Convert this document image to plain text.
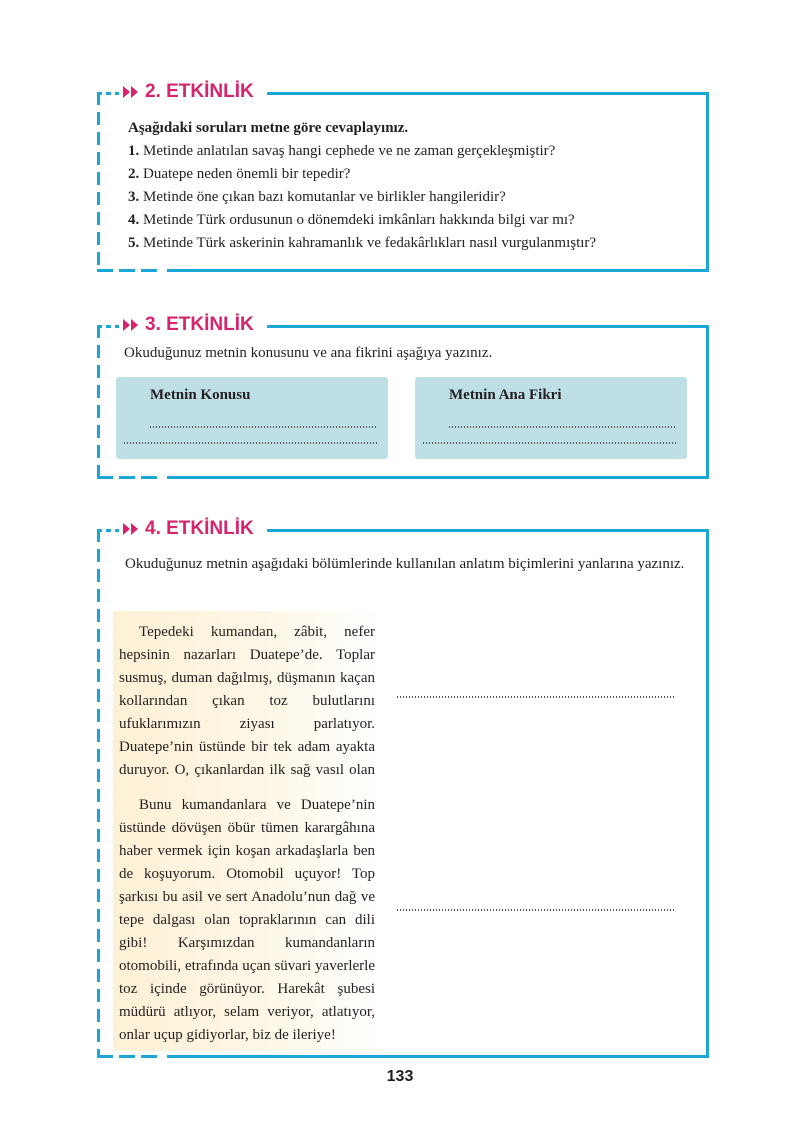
2. ETKİNLİK
Aşağıdaki soruları metne göre cevaplayınız.
1. Metinde anlatılan savaş hangi cephede ve ne zaman gerçekleşmiştir?
2. Duatepe neden önemli bir tepedir?
3. Metinde öne çıkan bazı komutanlar ve birlikler hangileridir?
4. Metinde Türk ordusunun o dönemdeki imkânları hakkında bilgi var mı?
5. Metinde Türk askerinin kahramanlık ve fedakârlıkları nasıl vurgulanmıştır?
3. ETKİNLİK
Okuduğunuz metnin konusunu ve ana fikrini aşağıya yazınız.
Metnin Konusu	Metnin Ana Fikri
4. ETKİNLİK
Okuduğunuz metnin aşağıdaki bölümlerinde kullanılan anlatım biçimlerini yanlarına yazınız.
Tepedeki kumandan, zâbit, nefer hepsinin nazarları Duatepe’de. Toplar susmuş, duman dağılmış, düşmanın kaçan kollarından çıkan toz bulutlarını ufuklarımızın ziyası parlatıyor. Duatepe’nin üstünde bir tek adam ayakta duruyor. O, çıkanlardan ilk sağ vasıl olan
Bunu kumandanlara ve Duatepe’nin üstünde dövüşen öbür tümen karargâhına haber vermek için koşan arkadaşlarla ben de koşuyorum. Otomobil uçuyor! Top şarkısı bu asil ve sert Anadolu’nun dağ ve tepe dalgası olan topraklarının can dili gibi! Karşımızdan kumandanların otomobili, etrafında uçan süvari yaverlerle toz içinde görünüyor. Harekât şubesi müdürü atlıyor, selam veriyor, atlatıyor, onlar uçup gidiyorlar, biz de ileriye!
133
